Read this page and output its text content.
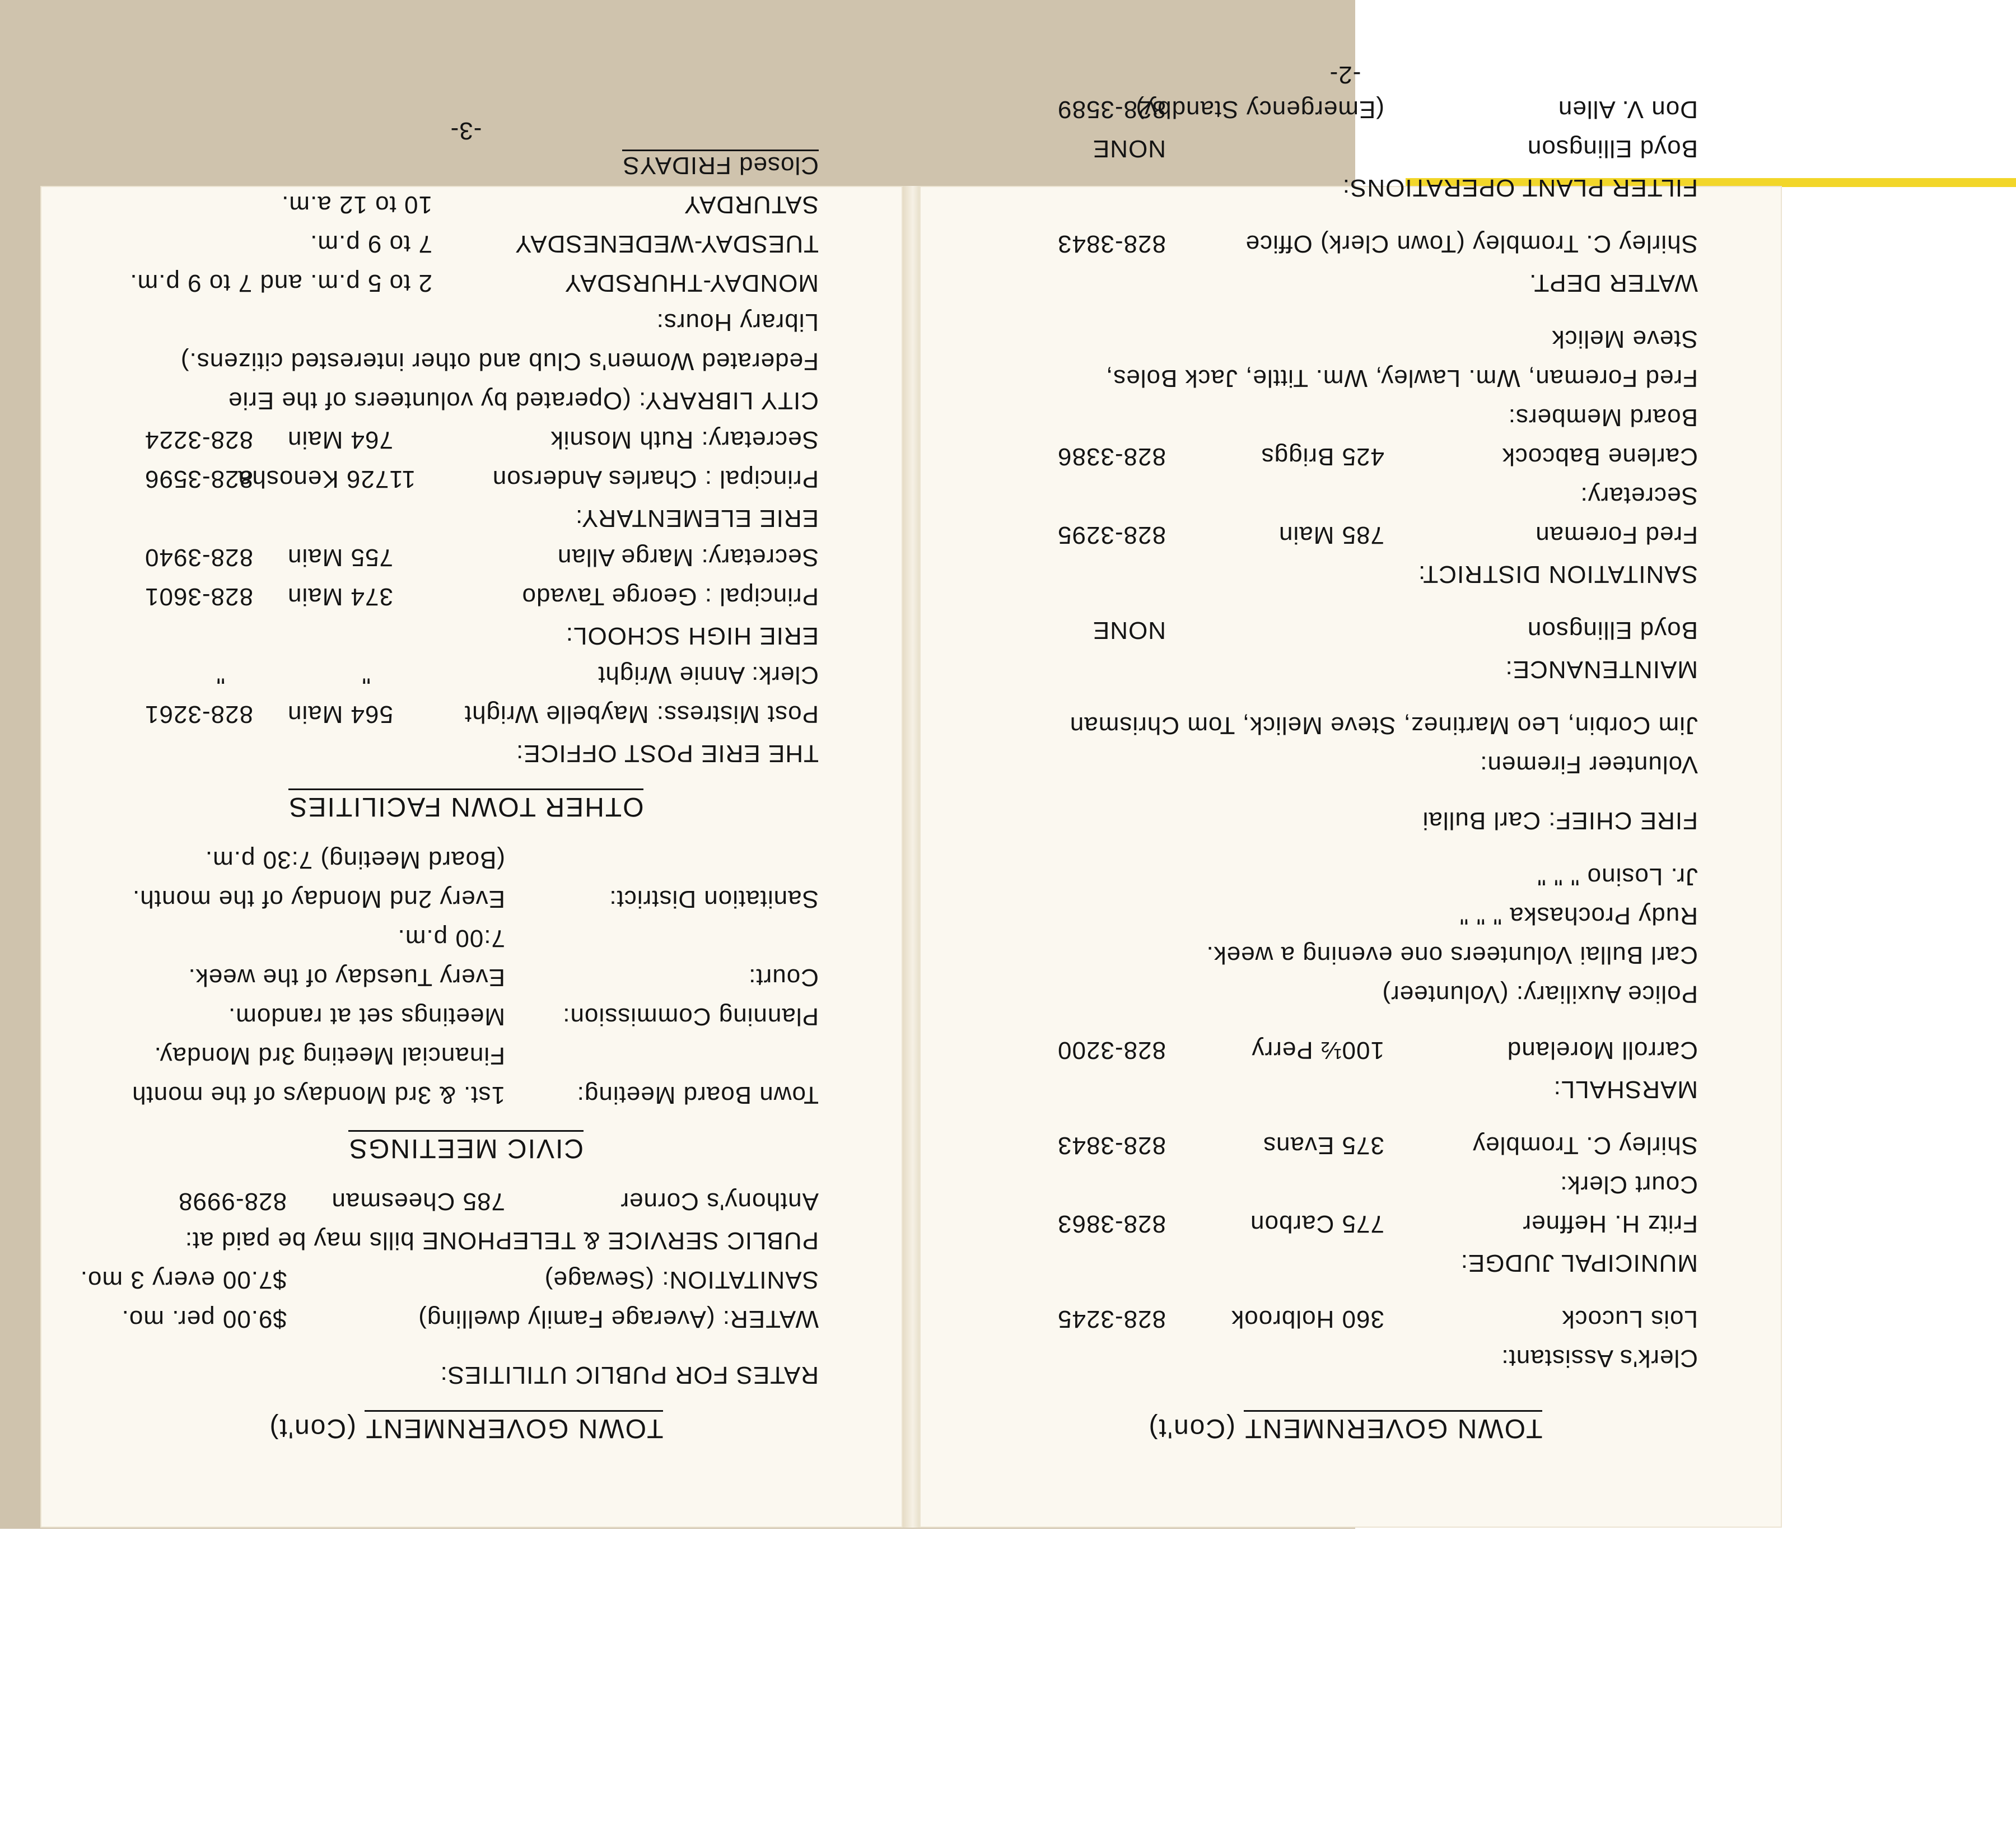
TOWN GOVERNMENT (Con't)
Clerk's Assistant:
Lois Lucock
360 Holbrook
828-3245
MUNICIPAL JUDGE:
Fritz H. Heffner
775 Carbon
828-3863
Court Clerk:
Shirley C. Trombley
375 Evans
828-3843
MARSHALL:
Carroll Moreland
100½ Perry
828-3200
Police Auxiliary: (Volunteer)
Carl Bullai Volunteers one evening a week.
Rudy Prochaska " " "
Jr. Losino " " "
FIRE CHIEF: Carl Bullai
Volunteer Firemen:
Jim Corbin, Leo Martinez, Steve Melick, Tom Chrisman
MAINTENANCE:
Boyd Ellingson
NONE
SANITATION DISTRICT:
Fred Foreman
785 Main
828-3295
Secretary:
Carlene Babcock
425 Briggs
828-3386
Board Members:
Fred Foreman, Wm. Lawley, Wm. Tittle, Jack Boles,
Steve Melick
WATER DEPT.
Shirley C. Trombley (Town Clerk) Office
828-3843
FILTER PLANT OPERATIONS:
Boyd Ellingson
NONE
Don V. Allen
(Emergency Standby)
828-3589
-2-
TOWN GOVERNMENT (Con't)
RATES FOR PUBLIC UTILITIES:
WATER: (Average Family dwelling)
$9.00 per. mo.
SANITATION: (Sewage)
$7.00 every 3 mo.
PUBLIC SERVICE & TELEPHONE bills may be paid at:
Anthony's Corner
785 Cheesman
828-9998
CIVIC MEETINGS
Town Board Meeting:
1st. & 3rd Mondays of the month
Financial Meeting 3rd Monday.
Planning Commission:
Meetings set at random.
Court:
Every Tuesday of the week.
7:00 p.m.
Sanitation District:
Every 2nd Monday of the month.
(Board Meeting) 7:30 p.m.
OTHER TOWN FACILITIES
THE ERIE POST OFFICE:
Post Mistress: Maybelle Wright
564 Main
828-3261
Clerk: Annie Wright
"
"
ERIE HIGH SCHOOL:
Principal : George Tavado
374 Main
828-3601
Secretary: Marge Allan
755 Main
828-3940
ERIE ELEMENTARY:
Principal : Charles Anderson
11726 Kenosha
828-3596
Secretary: Ruth Mosnik
764 Main
828-3224
CITY LIBRARY: (Operated by volunteers of the Erie
Federated Women's Club and other interested citizens.)
Library Hours:
MONDAY-THURSDAY
2 to 5 p.m. and 7 to 9 p.m.
TUESDAY-WEDENESDAY
7 to 9 p.m.
SATURDAY
10 to 12 a.m.
Closed FRIDAYS
-3-
